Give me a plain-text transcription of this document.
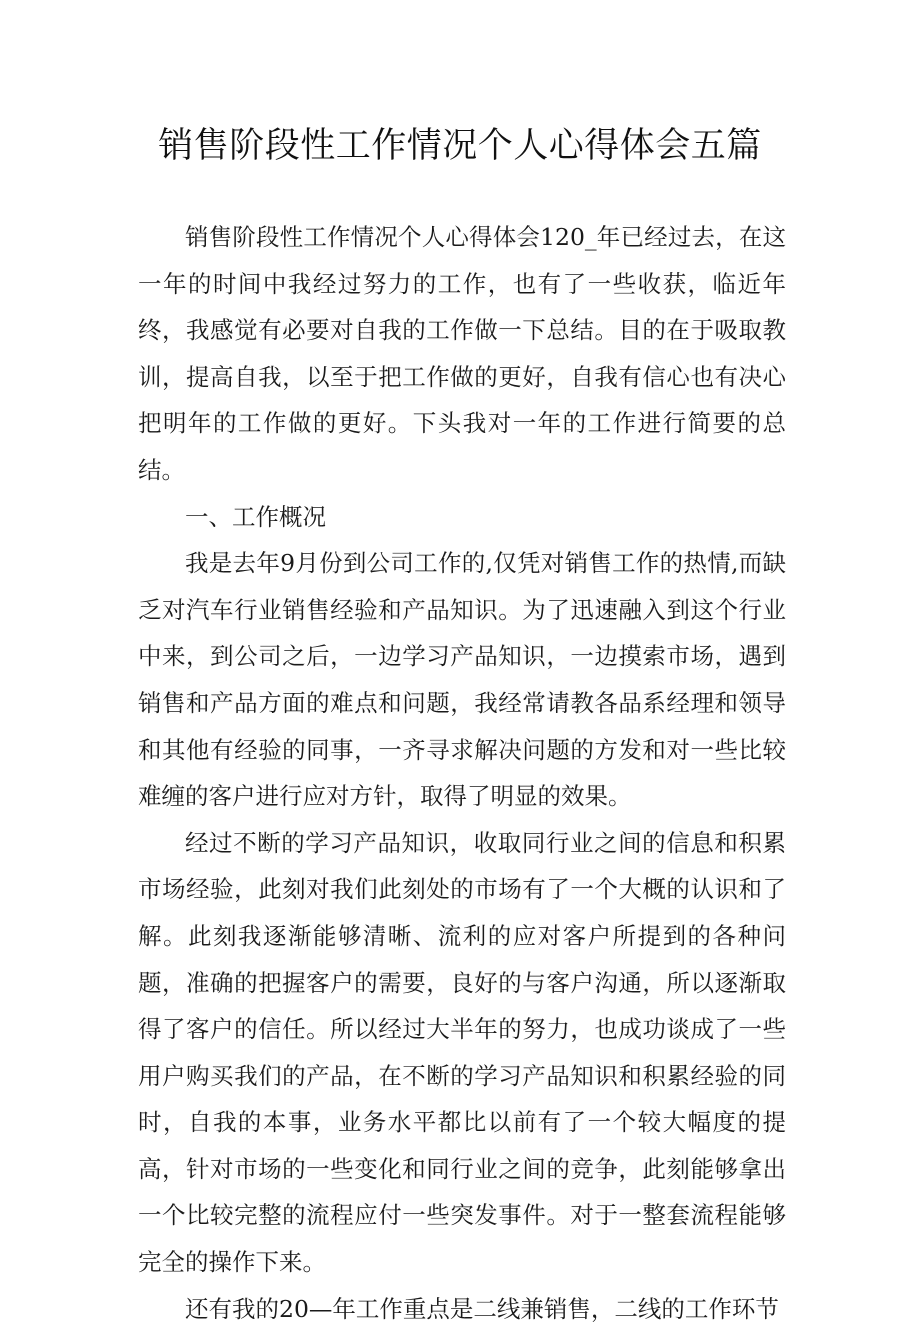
销售阶段性工作情况个人心得体会五篇

销售阶段性工作情况个人心得体会120_年已经过去，在这一年的时间中我经过努力的工作，也有了一些收获，临近年终，我感觉有必要对自我的工作做一下总结。目的在于吸取教训，提高自我，以至于把工作做的更好，自我有信心也有决心把明年的工作做的更好。下头我对一年的工作进行简要的总结。

一、工作概况

我是去年9月份到公司工作的,仅凭对销售工作的热情,而缺乏对汽车行业销售经验和产品知识。为了迅速融入到这个行业中来，到公司之后，一边学习产品知识，一边摸索市场，遇到销售和产品方面的难点和问题，我经常请教各品系经理和领导和其他有经验的同事，一齐寻求解决问题的方发和对一些比较难缠的客户进行应对方针，取得了明显的效果。

经过不断的学习产品知识，收取同行业之间的信息和积累市场经验，此刻对我们此刻处的市场有了一个大概的认识和了解。此刻我逐渐能够清晰、流利的应对客户所提到的各种问题，准确的把握客户的需要，良好的与客户沟通，所以逐渐取得了客户的信任。所以经过大半年的努力，也成功谈成了一些用户购买我们的产品，在不断的学习产品知识和积累经验的同时，自我的本事，业务水平都比以前有了一个较大幅度的提高，针对市场的一些变化和同行业之间的竞争，此刻能够拿出一个比较完整的流程应付一些突发事件。对于一整套流程能够完全的操作下来。

还有我的20—年工作重点是二线兼销售，二线的工作环节
